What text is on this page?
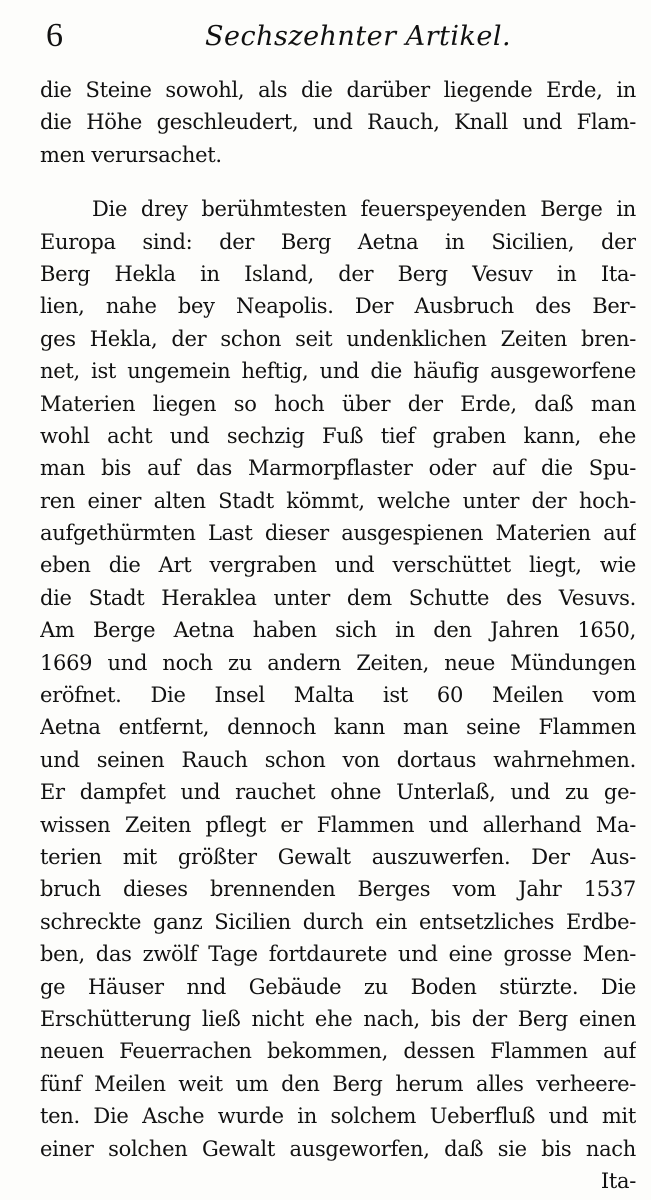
6	Sechszehnter Artikel.
die Steine sowohl, als die darüber liegende Erde, in
die Höhe geschleudert, und Rauch, Knall und Flam-
men verursachet.
Die drey berühmtesten feuerspeyenden Berge in
Europa sind: der Berg Aetna in Sicilien, der
Berg Hekla in Island, der Berg Vesuv in Ita-
lien, nahe bey Neapolis. Der Ausbruch des Ber-
ges Hekla, der schon seit undenklichen Zeiten bren-
net, ist ungemein heftig, und die häufig ausgeworfene
Materien liegen so hoch über der Erde, daß man
wohl acht und sechzig Fuß tief graben kann, ehe
man bis auf das Marmorpflaster oder auf die Spu-
ren einer alten Stadt kömmt, welche unter der hoch-
aufgethürmten Last dieser ausgespienen Materien auf
eben die Art vergraben und verschüttet liegt, wie
die Stadt Heraklea unter dem Schutte des Vesuvs.
Am Berge Aetna haben sich in den Jahren 1650,
1669 und noch zu andern Zeiten, neue Mündungen
eröfnet. Die Insel Malta ist 60 Meilen vom
Aetna entfernt, dennoch kann man seine Flammen
und seinen Rauch schon von dortaus wahrnehmen.
Er dampfet und rauchet ohne Unterlaß, und zu ge-
wissen Zeiten pflegt er Flammen und allerhand Ma-
terien mit größter Gewalt auszuwerfen. Der Aus-
bruch dieses brennenden Berges vom Jahr 1537
schreckte ganz Sicilien durch ein entsetzliches Erdbe-
ben, das zwölf Tage fortdaurete und eine grosse Men-
ge Häuser nnd Gebäude zu Boden stürzte. Die
Erschütterung ließ nicht ehe nach, bis der Berg einen
neuen Feuerrachen bekommen, dessen Flammen auf
fünf Meilen weit um den Berg herum alles verheere-
ten. Die Asche wurde in solchem Ueberfluß und mit
einer solchen Gewalt ausgeworfen, daß sie bis nach
Ita-
